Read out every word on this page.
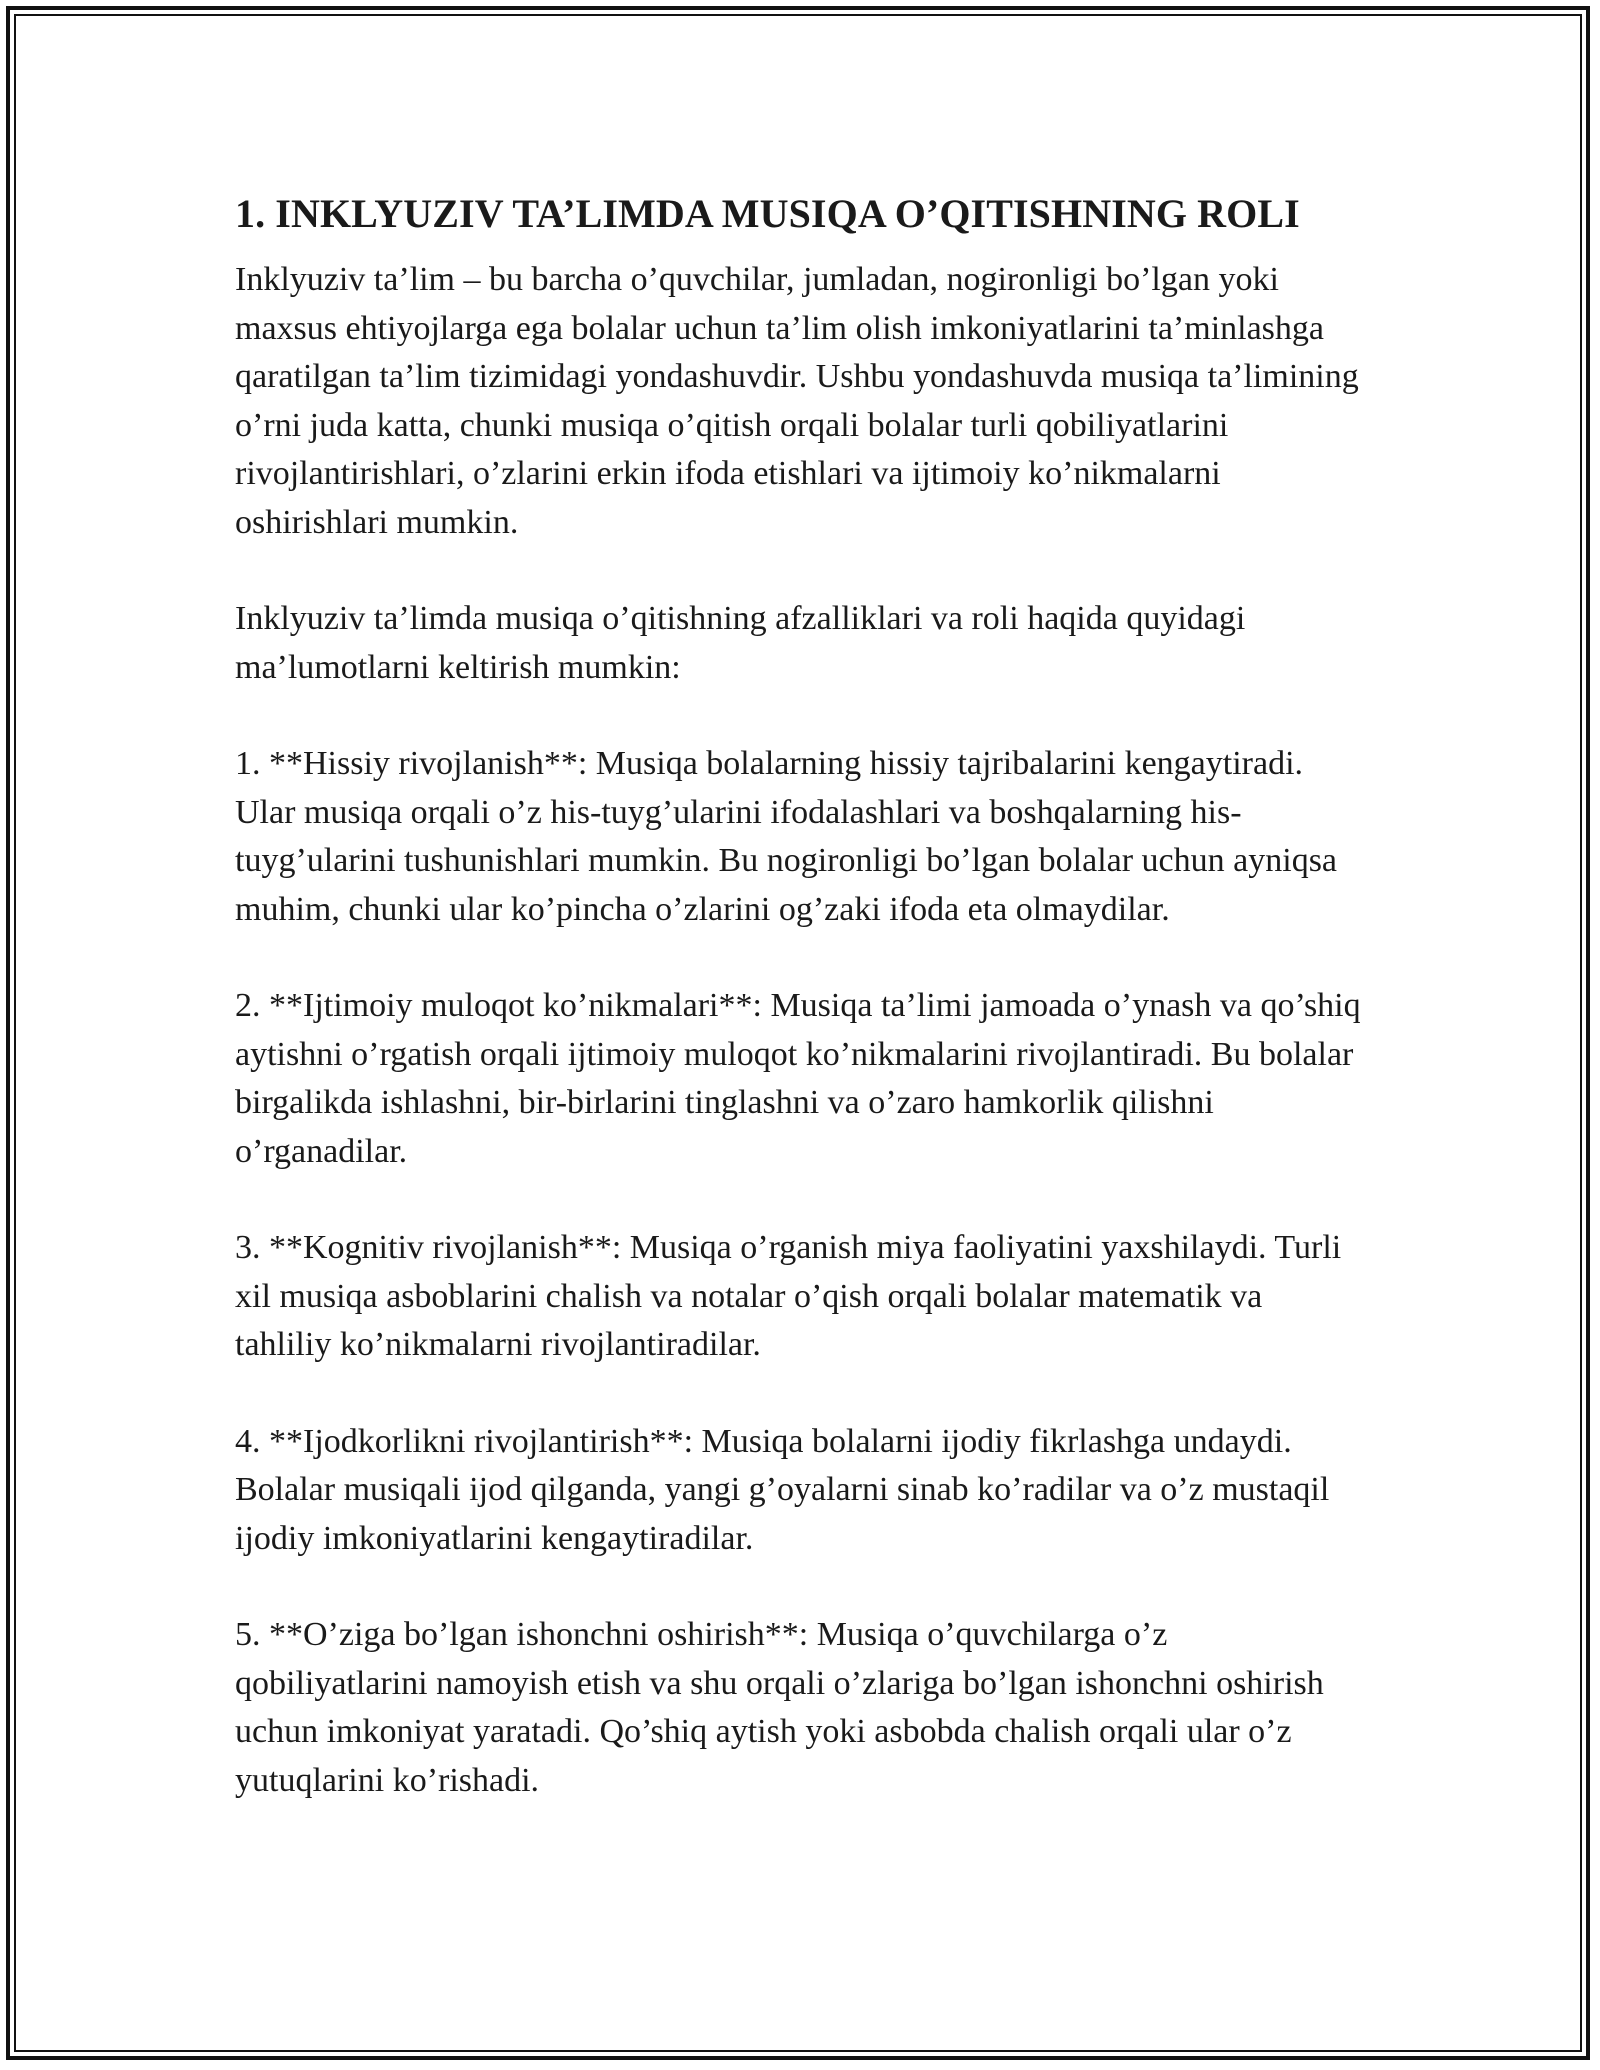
1. INKLYUZIV TA’LIMDA MUSIQA O’QITISHNING ROLI

Inklyuziv ta’lim – bu barcha o’quvchilar, jumladan, nogironligi bo’lgan yoki maxsus ehtiyojlarga ega bolalar uchun ta’lim olish imkoniyatlarini ta’minlashga qaratilgan ta’lim tizimidagi yondashuvdir. Ushbu yondashuvda musiqa ta’limining o’rni juda katta, chunki musiqa o’qitish orqali bolalar turli qobiliyatlarini rivojlantirishlari, o’zlarini erkin ifoda etishlari va ijtimoiy ko’nikmalarni oshirishlari mumkin.

Inklyuziv ta’limda musiqa o’qitishning afzalliklari va roli haqida quyidagi ma’lumotlarni keltirish mumkin:

1. **Hissiy rivojlanish**: Musiqa bolalarning hissiy tajribalarini kengaytiradi. Ular musiqa orqali o’z his-tuyg’ularini ifodalashlari va boshqalarning his-tuyg’ularini tushunishlari mumkin. Bu nogironligi bo’lgan bolalar uchun ayniqsa muhim, chunki ular ko’pincha o’zlarini og’zaki ifoda eta olmaydilar.

2. **Ijtimoiy muloqot ko’nikmalari**: Musiqa ta’limi jamoada o’ynash va qo’shiq aytishni o’rgatish orqali ijtimoiy muloqot ko’nikmalarini rivojlantiradi. Bu bolalar birgalikda ishlashni, bir-birlarini tinglashni va o’zaro hamkorlik qilishni o’rganadilar.

3. **Kognitiv rivojlanish**: Musiqa o’rganish miya faoliyatini yaxshilaydi. Turli xil musiqa asboblarini chalish va notalar o’qish orqali bolalar matematik va tahliliy ko’nikmalarni rivojlantiradilar.

4. **Ijodkorlikni rivojlantirish**: Musiqa bolalarni ijodiy fikrlashga undaydi. Bolalar musiqali ijod qilganda, yangi g’oyalarni sinab ko’radilar va o’z mustaqil ijodiy imkoniyatlarini kengaytiradilar.

5. **O’ziga bo’lgan ishonchni oshirish**: Musiqa o’quvchilarga o’z qobiliyatlarini namoyish etish va shu orqali o’zlariga bo’lgan ishonchni oshirish uchun imkoniyat yaratadi. Qo’shiq aytish yoki asbobda chalish orqali ular o’z yutuqlarini ko’rishadi.
